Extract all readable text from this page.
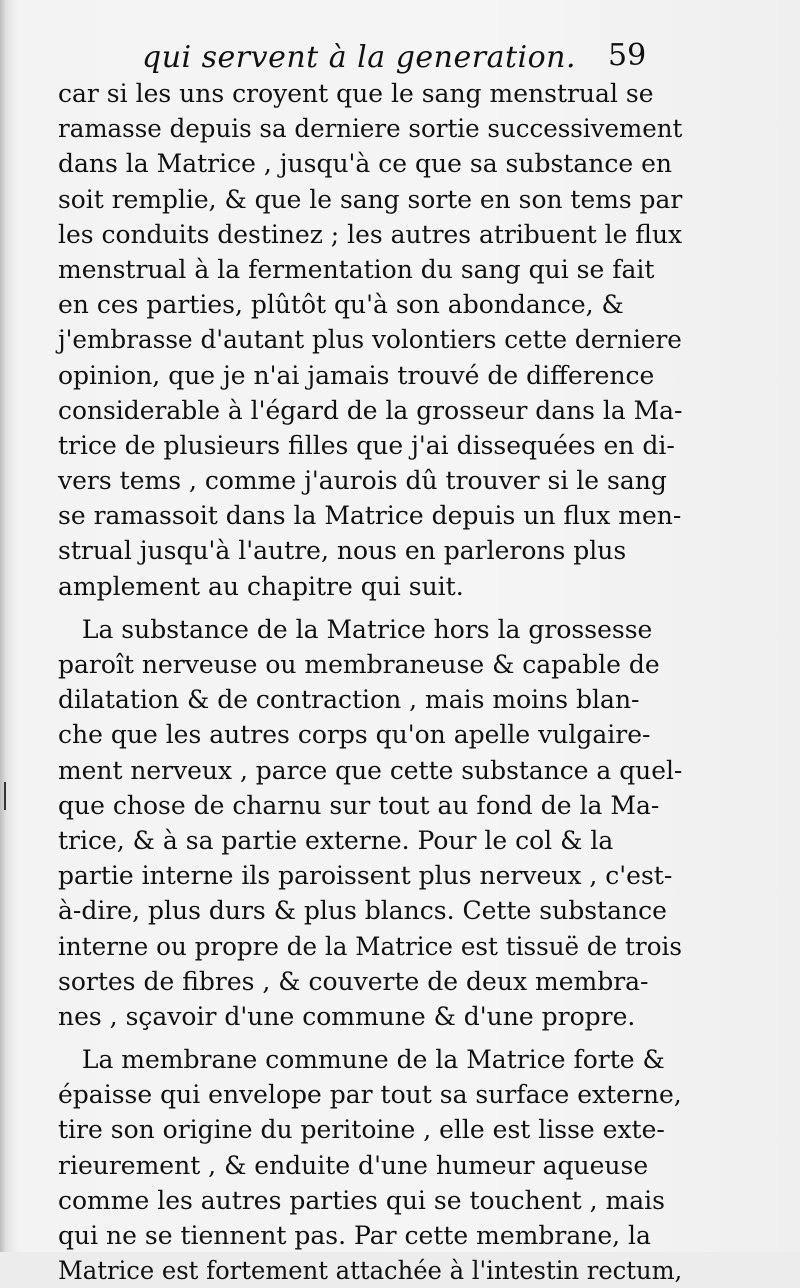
qui servent à la generation. 59
car si les uns croyent que le sang menstrual se
ramasse depuis sa derniere sortie successivement
dans la Matrice , jusqu'à ce que sa substance en
soit remplie, & que le sang sorte en son tems par
les conduits destinez ; les autres atribuent le flux
menstrual à la fermentation du sang qui se fait
en ces parties, plûtôt qu'à son abondance, &
j'embrasse d'autant plus volontiers cette derniere
opinion, que je n'ai jamais trouvé de difference
considerable à l'égard de la grosseur dans la Ma-
trice de plusieurs filles que j'ai dissequées en di-
vers tems , comme j'aurois dû trouver si le sang
se ramassoit dans la Matrice depuis un flux men-
strual jusqu'à l'autre, nous en parlerons plus
amplement au chapitre qui suit.
La substance de la Matrice hors la grossesse
paroît nerveuse ou membraneuse & capable de
dilatation & de contraction , mais moins blan-
che que les autres corps qu'on apelle vulgaire-
ment nerveux , parce que cette substance a quel-
que chose de charnu sur tout au fond de la Ma-
trice, & à sa partie externe. Pour le col & la
partie interne ils paroissent plus nerveux , c'est-
à-dire, plus durs & plus blancs. Cette substance
interne ou propre de la Matrice est tissuë de trois
sortes de fibres , & couverte de deux membra-
nes , sçavoir d'une commune & d'une propre.
La membrane commune de la Matrice forte &
épaisse qui envelope par tout sa surface externe,
tire son origine du peritoine , elle est lisse exte-
rieurement , & enduite d'une humeur aqueuse
comme les autres parties qui se touchent , mais
qui ne se tiennent pas. Par cette membrane, la
Matrice est fortement attachée à l'intestin rectum,
